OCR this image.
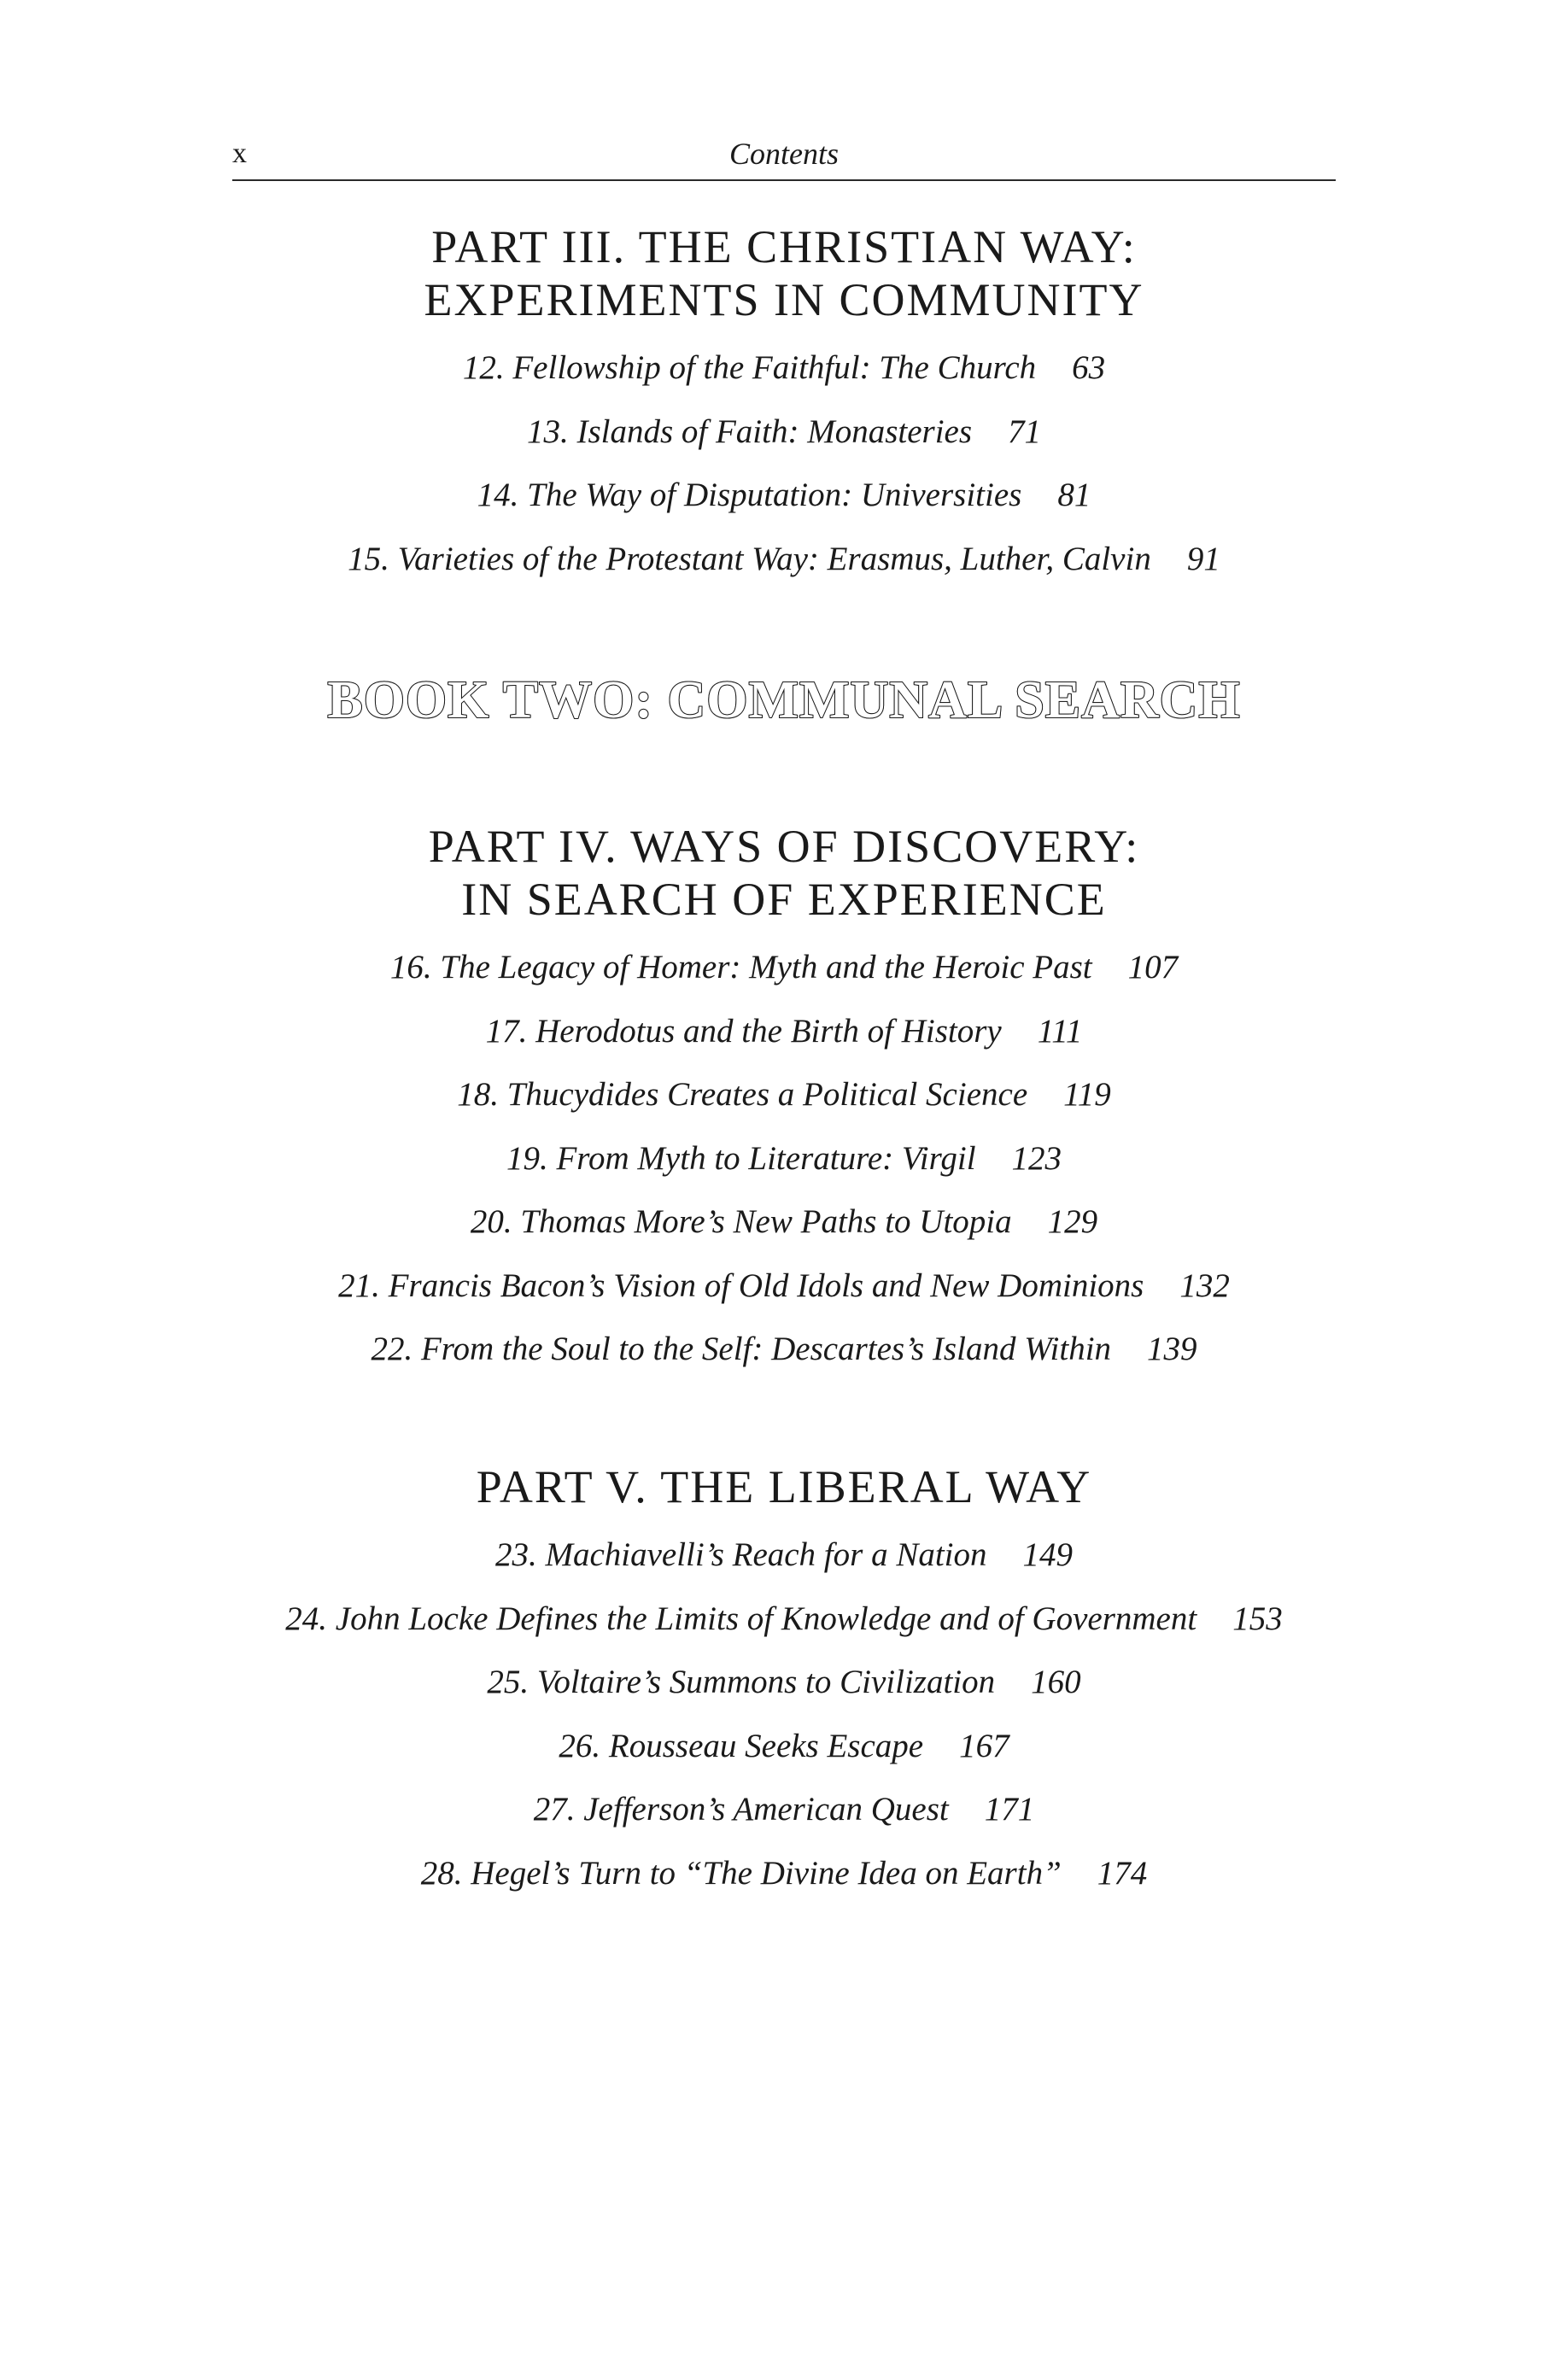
x	Contents
PART III. THE CHRISTIAN WAY:
EXPERIMENTS IN COMMUNITY
12. Fellowship of the Faithful: The Church 63
13. Islands of Faith: Monasteries 71
14. The Way of Disputation: Universities 81
15. Varieties of the Protestant Way: Erasmus, Luther, Calvin 91
BOOK TWO: COMMUNAL SEARCH
PART IV. WAYS OF DISCOVERY:
IN SEARCH OF EXPERIENCE
16. The Legacy of Homer: Myth and the Heroic Past 107
17. Herodotus and the Birth of History 111
18. Thucydides Creates a Political Science 119
19. From Myth to Literature: Virgil 123
20. Thomas More’s New Paths to Utopia 129
21. Francis Bacon’s Vision of Old Idols and New Dominions 132
22. From the Soul to the Self: Descartes’s Island Within 139
PART V. THE LIBERAL WAY
23. Machiavelli’s Reach for a Nation 149
24. John Locke Defines the Limits of Knowledge and of Government 153
25. Voltaire’s Summons to Civilization 160
26. Rousseau Seeks Escape 167
27. Jefferson’s American Quest 171
28. Hegel’s Turn to “The Divine Idea on Earth” 174
